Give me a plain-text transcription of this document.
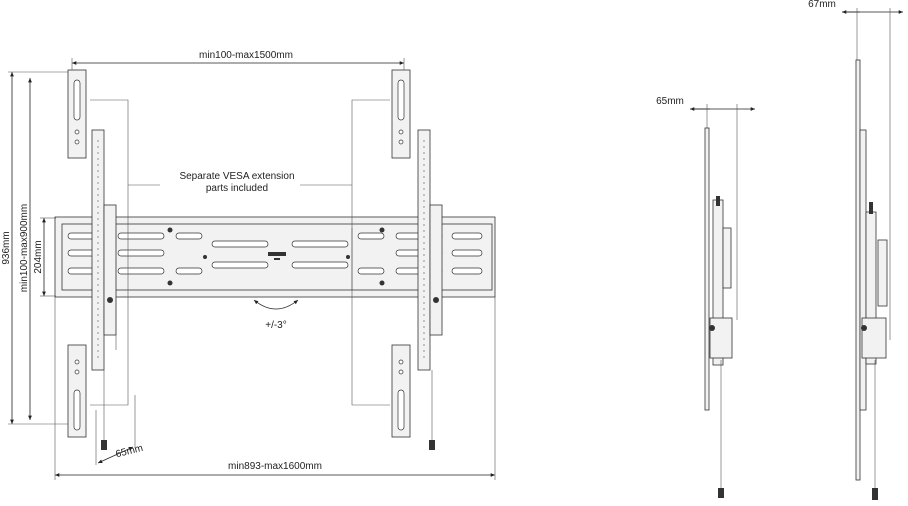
min100-max1500mm
min893-max1600mm
936mm min100-max900mm 204mm
65mm
Separate VESA extension
parts included
+/-3°
65mm
67mm
